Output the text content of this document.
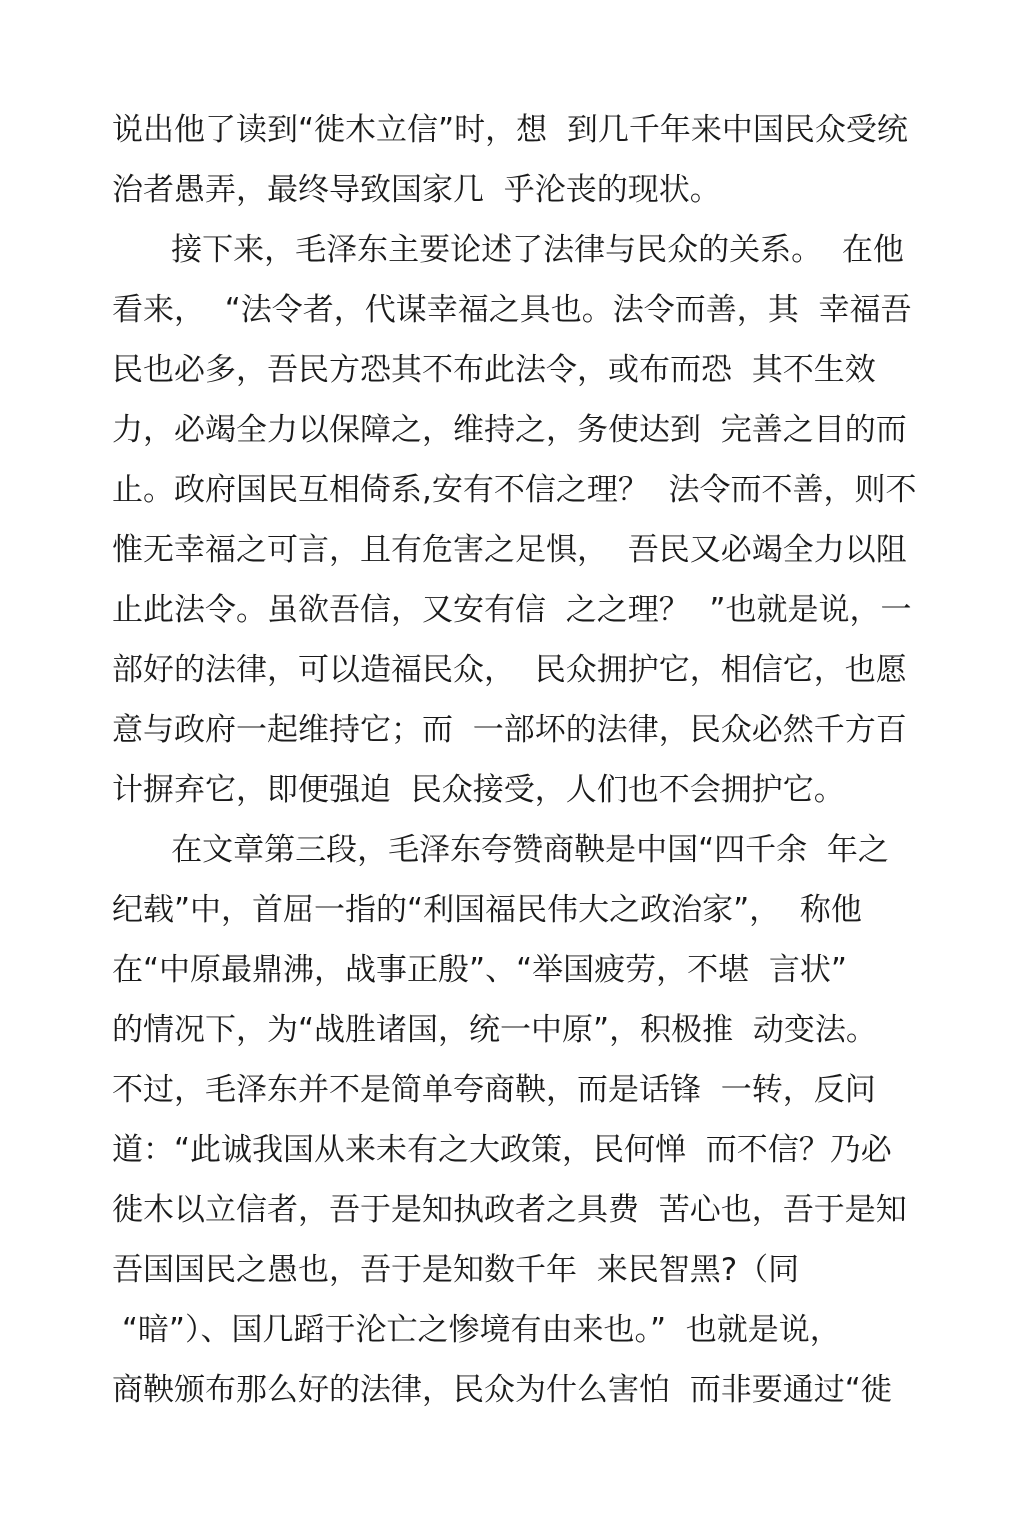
说出他了读到“徙木立信”时，想  到几千年来中国民众受统
治者愚弄，最终导致国家几  乎沦丧的现状。
接下来，毛泽东主要论述了法律与民众的关系。  在他
看来，  “法令者，代谋幸福之具也。法令而善，其  幸福吾
民也必多，吾民方恐其不布此法令，或布而恐  其不生效
力，必竭全力以保障之，维持之，务使达到  完善之目的而
止。政府国民互相倚系,安有不信之理？  法令而不善，则不
惟无幸福之可言，且有危害之足惧，  吾民又必竭全力以阻
止此法令。虽欲吾信，又安有信  之之理？  ”也就是说，一
部好的法律，可以造福民众，  民众拥护它，相信它，也愿
意与政府一起维持它；而  一部坏的法律，民众必然千方百
计摒弃它，即便强迫  民众接受，人们也不会拥护它。
在文章第三段，毛泽东夸赞商鞅是中国“四千余  年之
纪载”中，首屈一指的“利国福民伟大之政治家”，  称他
在“中原最鼎沸，战事正殷”、“举国疲劳，不堪  言状”
的情况下，为“战胜诸国，统一中原”，积极推  动变法。
不过，毛泽东并不是简单夸商鞅，而是话锋  一转，反问
道：“此诚我国从来未有之大政策，民何惮  而不信？乃必
徙木以立信者，吾于是知执政者之具费  苦心也，吾于是知
吾国国民之愚也，吾于是知数千年  来民智黑?（同
“暗”）、国几蹈于沦亡之惨境有由来也。”  也就是说，
商鞅颁布那么好的法律，民众为什么害怕  而非要通过“徙
